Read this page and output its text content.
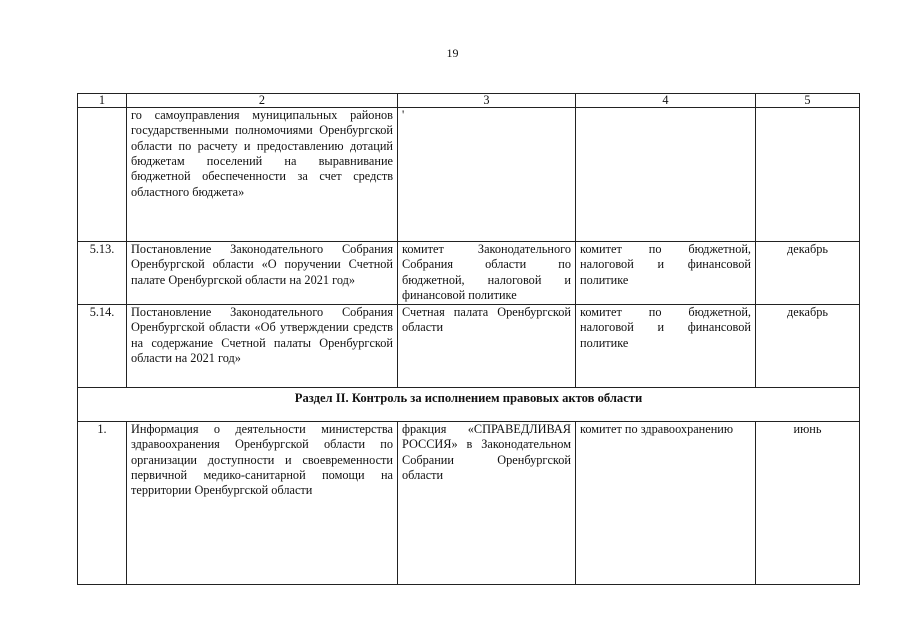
19
1	2	3	4	5
	го самоуправления муниципальных районов государственными полномочиями Оренбургской области по расчету и предоставлению дотаций бюджетам поселений на выравнивание бюджетной обеспеченности за счет средств областного бюджета»	'		
5.13.	Постановление Законодательного Собрания Оренбургской области «О поручении Счетной палате Оренбургской области на 2021 год»	комитет Законодательного Собрания области по бюджетной, налоговой и финансовой политике	комитет по бюджетной, налоговой и финансовой политике	декабрь
5.14.	Постановление Законодательного Собрания Оренбургской области «Об утверждении средств на содержание Счетной палаты Оренбургской области на 2021 год»	Счетная палата Оренбургской области	комитет по бюджетной, налоговой и финансовой политике	декабрь
Раздел II. Контроль за исполнением правовых актов области				
1.	Информация о деятельности министерства здравоохранения Оренбургской области по организации доступности и своевременности первичной медико-санитарной помощи на территории Оренбургской области	фракция «СПРАВЕДЛИВАЯ РОССИЯ» в Законодательном Собрании Оренбургской области	комитет по здравоохранению	июнь
